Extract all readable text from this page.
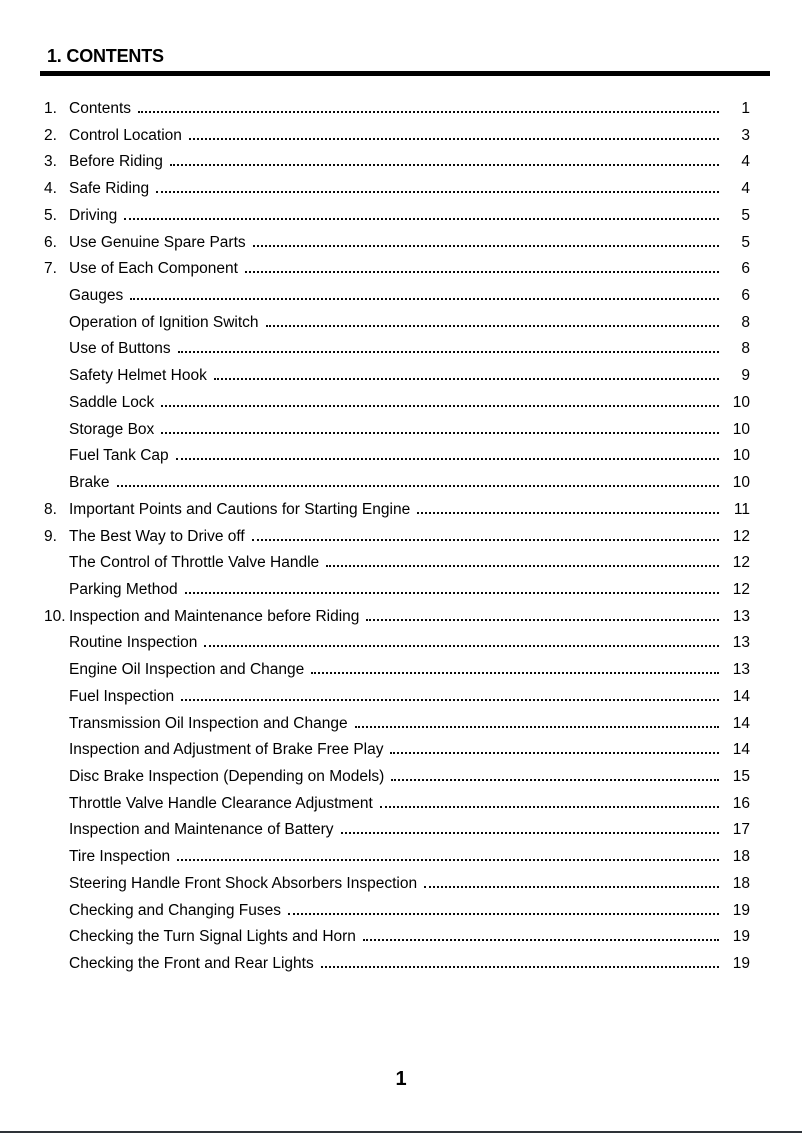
1. CONTENTS
1. Contents	1
2. Control Location	3
3. Before Riding	4
4. Safe Riding	4
5. Driving	5
6. Use Genuine Spare Parts	5
7. Use of Each Component	6
Gauges	6
Operation of Ignition Switch	8
Use of Buttons	8
Safety Helmet Hook	9
Saddle Lock	10
Storage Box	10
Fuel Tank Cap	10
Brake	10
8. Important Points and Cautions for Starting Engine	11
9. The Best Way to Drive off	12
The Control of Throttle Valve Handle	12
Parking Method	12
10. Inspection and Maintenance before Riding	13
Routine Inspection	13
Engine Oil Inspection and Change	13
Fuel Inspection	14
Transmission Oil Inspection and Change	14
Inspection and Adjustment of Brake Free Play	14
Disc Brake Inspection (Depending on Models)	15
Throttle Valve Handle Clearance Adjustment	16
Inspection and Maintenance of Battery	17
Tire Inspection	18
Steering Handle Front Shock Absorbers Inspection	18
Checking and Changing Fuses	19
Checking the Turn Signal Lights and Horn	19
Checking the Front and Rear Lights	19
1
